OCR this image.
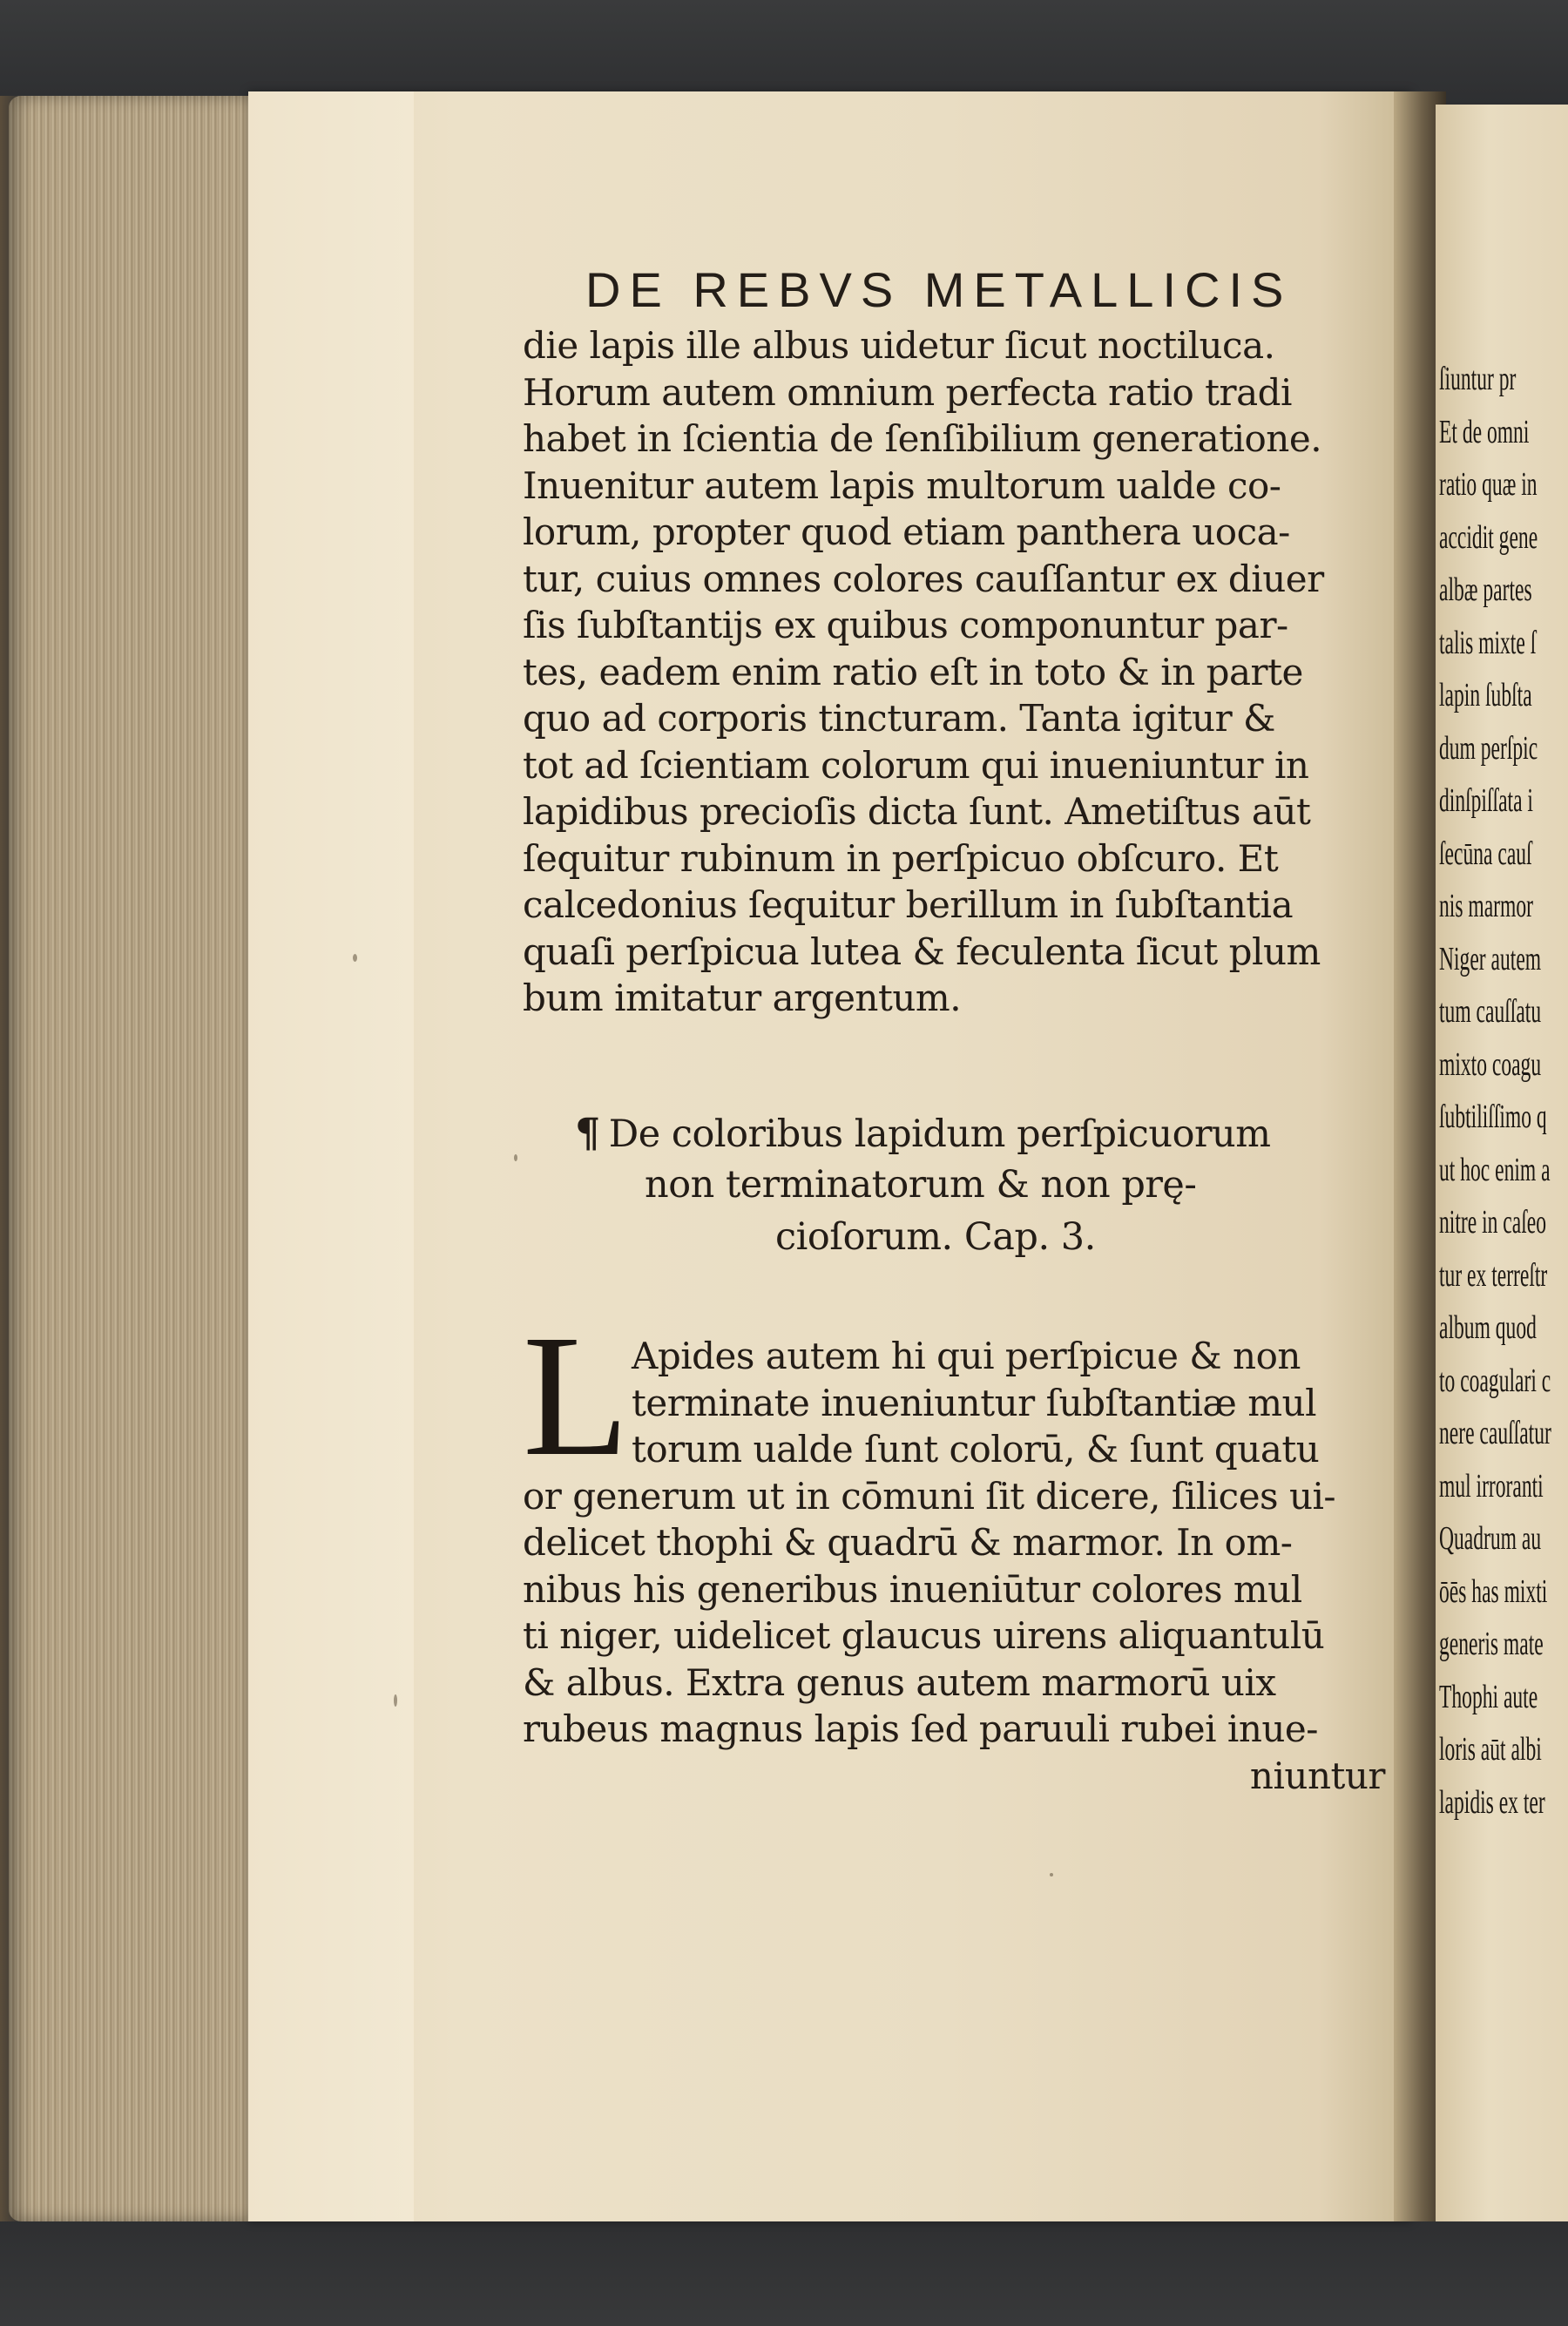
ſiuntur pr
Et de omni
ratio quæ in
accidit gene
albæ partes
talis mixte ſ
lapin ſubſta
dum perſpic
dinſpiſſata i
ſecūna cauſ
nis marmor
Niger autem
tum cauſſatu
mixto coagu
ſubtiliſſimo q
ut hoc enim a
nitre in caſeo
tur ex terreſtr
album quod
to coagulari c
nere cauſſatur
mul irroranti
Quadrum au
ōēs has mixti
generis mate
Thophi aute
loris aūt albi
lapidis ex ter
DE REBVS METALLICIS
die lapis ille albus uidetur ſicut noctiluca.
Horum autem omnium perfecta ratio tradi
habet in ſcientia de ſenſibilium generatione.
Inuenitur autem lapis multorum ualde co‑
lorum, propter quod etiam panthera uoca‑
tur, cuius omnes colores cauſſantur ex diuer
ſis ſubſtantijs ex quibus componuntur par‑
tes, eadem enim ratio eſt in toto & in parte
quo ad corporis tincturam. Tanta igitur &
tot ad ſcientiam colorum qui inueniuntur in
lapidibus precioſis dicta ſunt. Ametiſtus aūt
ſequitur rubinum in perſpicuo obſcuro. Et
calcedonius ſequitur berillum in ſubſtantia
quaſi perſpicua lutea & feculenta ſicut plum
bum imitatur argentum.
¶ De coloribus lapidum perſpicuorum
non terminatorum & non prę‑
cioſorum. Cap. 3.
L Apides autem hi qui perſpicue & non
terminate inueniuntur ſubſtantiæ mul
torum ualde ſunt colorū, & ſunt quatu
or generum ut in cōmuni ſit dicere, ſilices ui‑
delicet thophi & quadrū & marmor. In om‑
nibus his generibus inueniūtur colores mul
ti niger, uidelicet glaucus uirens aliquantulū
& albus. Extra genus autem marmorū uix
rubeus magnus lapis ſed paruuli rubei inue‑
niuntur
